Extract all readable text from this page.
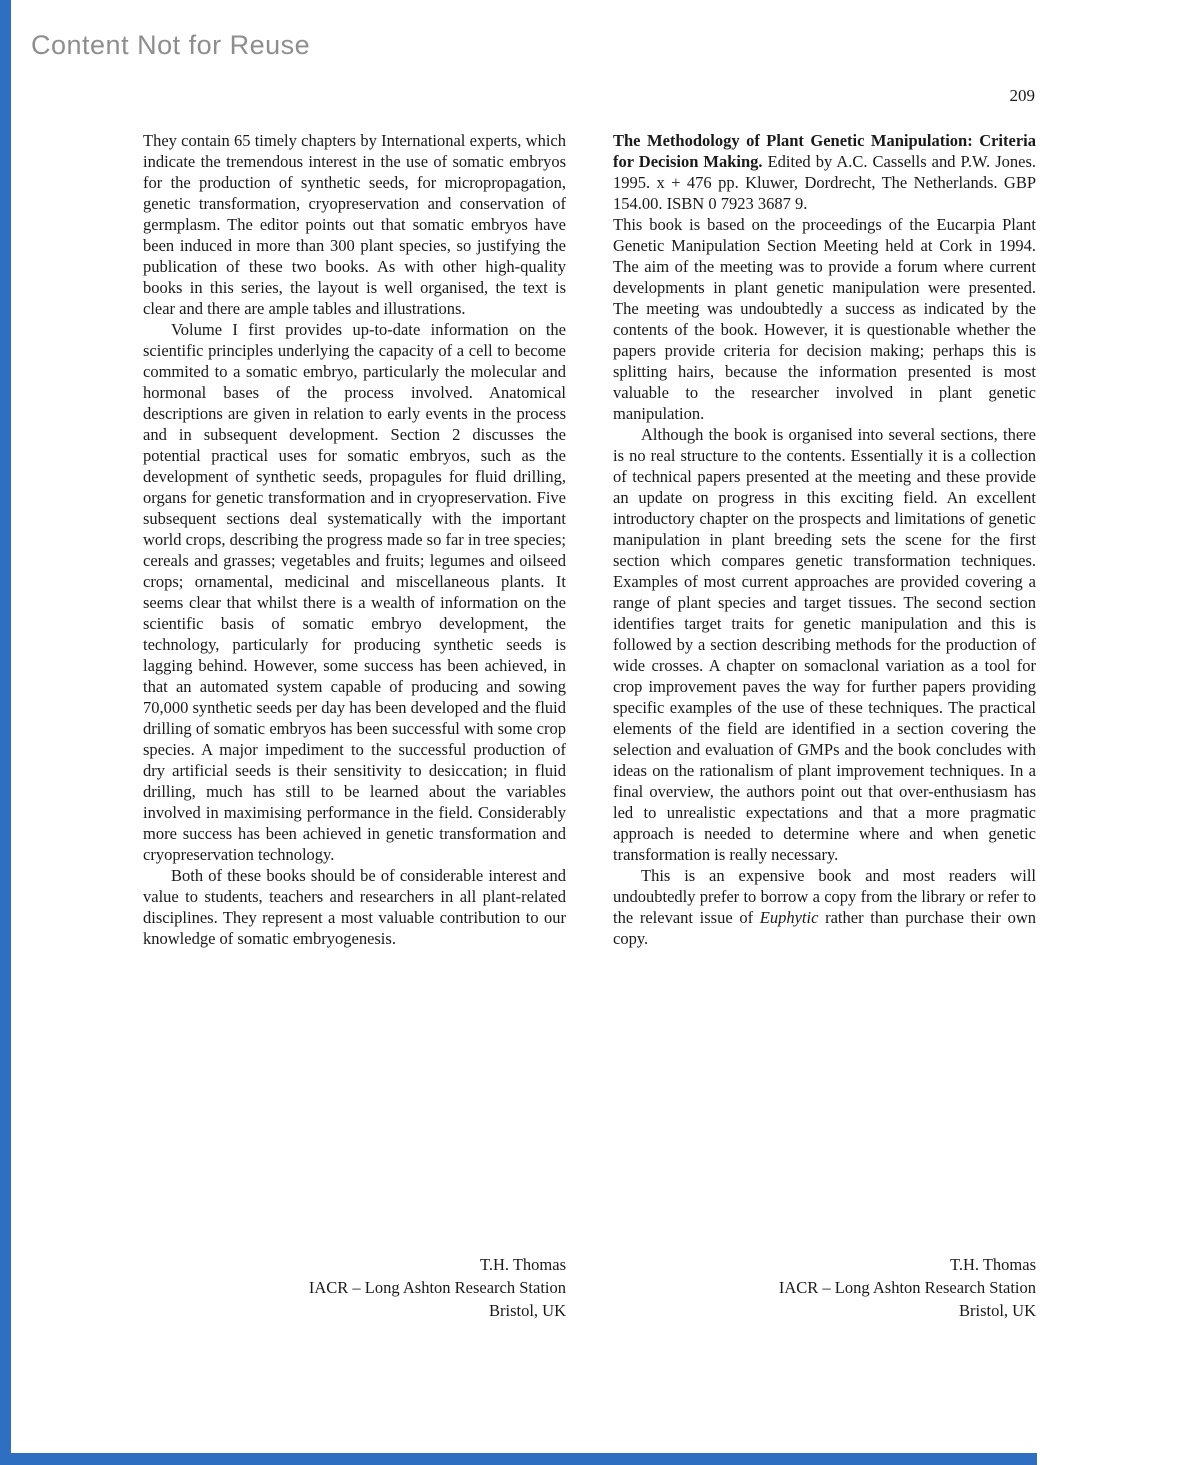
Content Not for Reuse
209

They contain 65 timely chapters by International experts, which indicate the tremendous interest in the use of somatic embryos for the production of synthetic seeds, for micropropagation, genetic transformation, cryopreservation and conservation of germplasm. The editor points out that somatic embryos have been induced in more than 300 plant species, so justifying the publication of these two books. As with other high-quality books in this series, the layout is well organised, the text is clear and there are ample tables and illustrations.

Volume I first provides up-to-date information on the scientific principles underlying the capacity of a cell to become commited to a somatic embryo, particularly the molecular and hormonal bases of the process involved. Anatomical descriptions are given in relation to early events in the process and in subsequent development. Section 2 discusses the potential practical uses for somatic embryos, such as the development of synthetic seeds, propagules for fluid drilling, organs for genetic transformation and in cryopreservation. Five subsequent sections deal systematically with the important world crops, describing the progress made so far in tree species; cereals and grasses; vegetables and fruits; legumes and oilseed crops; ornamental, medicinal and miscellaneous plants. It seems clear that whilst there is a wealth of information on the scientific basis of somatic embryo development, the technology, particularly for producing synthetic seeds is lagging behind. However, some success has been achieved, in that an automated system capable of producing and sowing 70,000 synthetic seeds per day has been developed and the fluid drilling of somatic embryos has been successful with some crop species. A major impediment to the successful production of dry artificial seeds is their sensitivity to desiccation; in fluid drilling, much has still to be learned about the variables involved in maximising performance in the field. Considerably more success has been achieved in genetic transformation and cryopreservation technology.

Both of these books should be of considerable interest and value to students, teachers and researchers in all plant-related disciplines. They represent a most valuable contribution to our knowledge of somatic embryogenesis.

T.H. Thomas
IACR – Long Ashton Research Station
Bristol, UK

The Methodology of Plant Genetic Manipulation: Criteria for Decision Making. Edited by A.C. Cassells and P.W. Jones. 1995. x + 476 pp. Kluwer, Dordrecht, The Netherlands. GBP 154.00. ISBN 0 7923 3687 9.

This book is based on the proceedings of the Eucarpia Plant Genetic Manipulation Section Meeting held at Cork in 1994. The aim of the meeting was to provide a forum where current developments in plant genetic manipulation were presented. The meeting was undoubtedly a success as indicated by the contents of the book. However, it is questionable whether the papers provide criteria for decision making; perhaps this is splitting hairs, because the information presented is most valuable to the researcher involved in plant genetic manipulation.

Although the book is organised into several sections, there is no real structure to the contents. Essentially it is a collection of technical papers presented at the meeting and these provide an update on progress in this exciting field. An excellent introductory chapter on the prospects and limitations of genetic manipulation in plant breeding sets the scene for the first section which compares genetic transformation techniques. Examples of most current approaches are provided covering a range of plant species and target tissues. The second section identifies target traits for genetic manipulation and this is followed by a section describing methods for the production of wide crosses. A chapter on somaclonal variation as a tool for crop improvement paves the way for further papers providing specific examples of the use of these techniques. The practical elements of the field are identified in a section covering the selection and evaluation of GMPs and the book concludes with ideas on the rationalism of plant improvement techniques. In a final overview, the authors point out that over-enthusiasm has led to unrealistic expectations and that a more pragmatic approach is needed to determine where and when genetic transformation is really necessary.

This is an expensive book and most readers will undoubtedly prefer to borrow a copy from the library or refer to the relevant issue of Euphytic rather than purchase their own copy.

T.H. Thomas
IACR – Long Ashton Research Station
Bristol, UK
